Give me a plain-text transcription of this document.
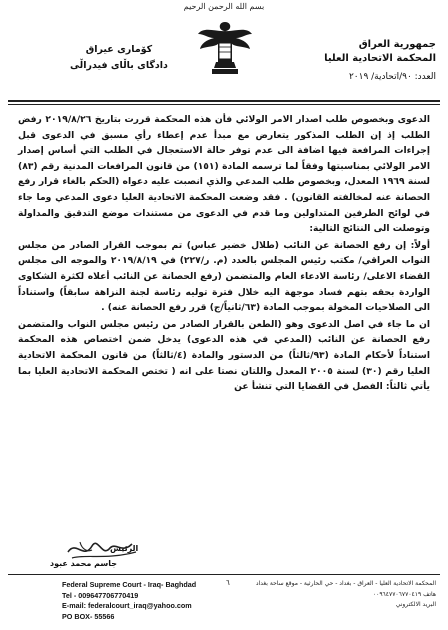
بسم الله الرحمن الرحيم
جمهورية العراق
المحكمة الاتحادية العليا
العدد: ٩٠/اتحادية/ ٢٠١٩
كۆماری عیراق
دادگای باڵای فیدراڵی

الدعوى وبخصوص طلب اصدار الامر الولائي فأن هذه المحكمة قررت بتاريخ ٢٠١٩/٨/٢٦ رفض الطلب إذ إن الطلب المذكور يتعارض مع مبدأ عدم إعطاء رأي مسبق في الدعوى قبل إجراءات المرافعة فيها اضافة الى عدم توفر حالة الاستعجال في الطلب التي أساس إصدار الامر الولائي بمناسبتها وفقاً لما ترسمه المادة (١٥١) من قانون المرافعات المدنية رقم (٨٣) لسنة ١٩٦٩ المعدل، وبخصوص طلب المدعي والذي انصبت عليه دعواه (الحكم بالغاء قرار رفع الحصانة عنه لمخالفته القانون) . فقد وضعت المحكمة الاتحادية العليا دعوى المدعي وما جاء في لوائح الطرفين المتداولين وما قدم في الدعوى من مستندات موضع التدقيق والمداولة وتوصلت الى النتائج التالية:

أولاً: إن رفع الحصانة عن النائب (طلال خضير عباس) تم بموجب القرار الصادر من مجلس النواب العراقي/ مكتب رئيس المجلس بالعدد (م. ر/٢٢٧) في ٢٠١٩/٨/١٩ والموجه الى مجلس القضاء الاعلى/ رئاسة الادعاء العام والمتضمن (رفع الحصانة عن النائب أعلاه لكثرة الشكاوى الواردة بحقه بتهم فساد موجهة اليه خلال فترة توليه رئاسة لجنة النزاهة سابقاً) واستناداً الى الصلاحيات المخولة بموجب المادة (٦٣/ثانياً/ج) قرر رفع الحصانة عنه) .

ان ما جاء في اصل الدعوى وهو (الطعن بالقرار الصادر من رئيس مجلس النواب والمتضمن رفع الحصانة عن النائب (المدعي في هذه الدعوى) يدخل ضمن اختصاص هذه المحكمة استناداً لأحكام المادة (٩٣/ثالثاً) من الدستور والمادة (٤/ثالثاً) من قانون المحكمة الاتحادية العليا رقم (٣٠) لسنة ٢٠٠٥ المعدل واللتان نصتا على انه ( تختص المحكمة الاتحادية العليا بما يأتي ثالثاً: الفصل في القضايا التي تنشأ عن

الرئيس
جاسم محمد عبود
Federal Supreme Court - Iraq- Baghdad
Tel - 009647706770419
E-mail: federalcourt_iraq@yahoo.com
PO BOX- 55566
٦	المحكمة الاتحادية العليا - العراق - بغداد - حي الحارثية - موقع ساحة بغداد
هاتف ٠٠٩٦٤٧٧٠٦٧٧٠٤١٩
البريد الالكتروني
